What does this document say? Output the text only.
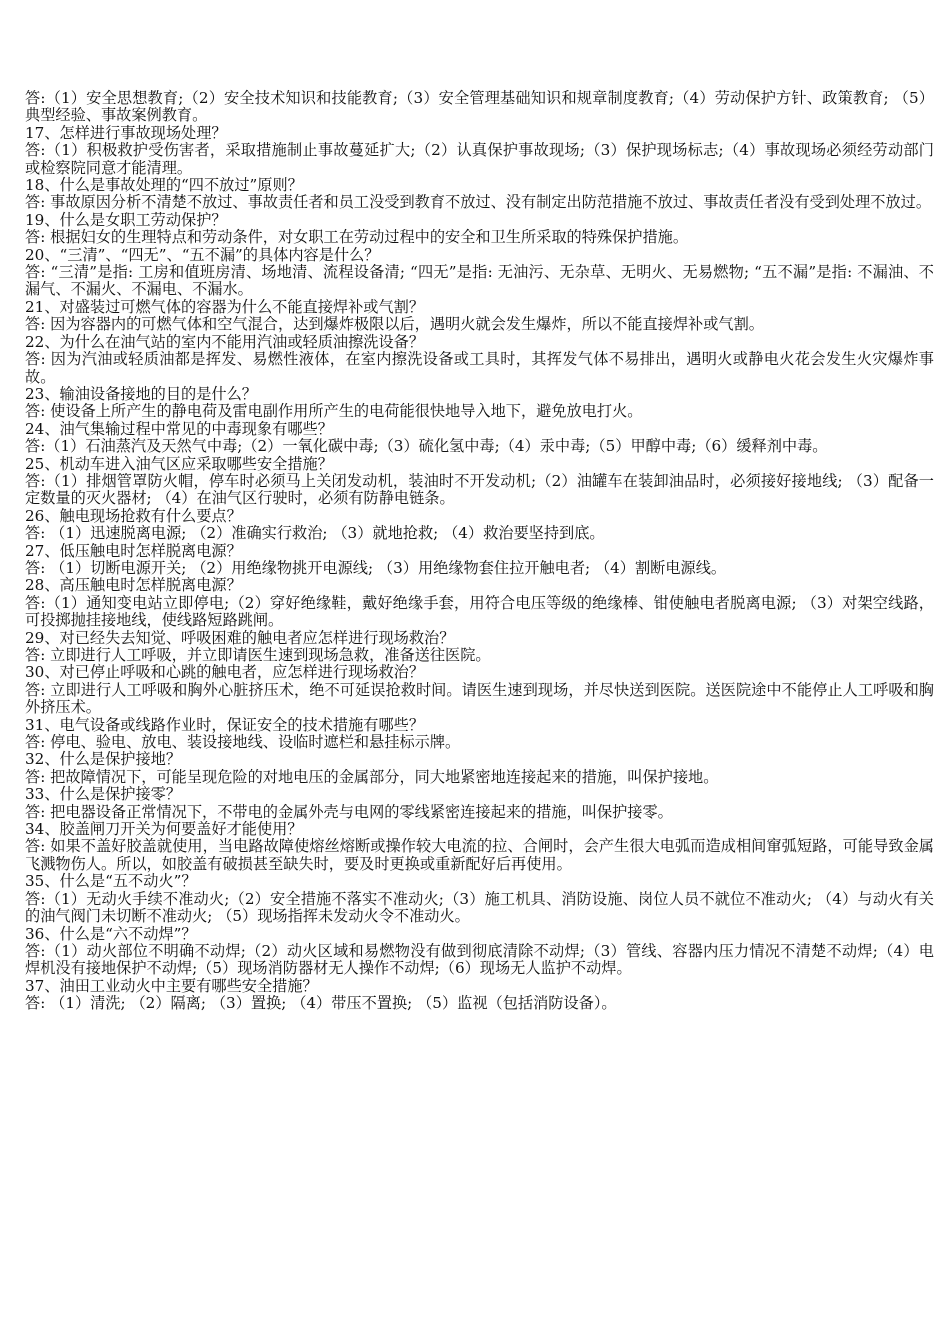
答:（1）安全思想教育;（2）安全技术知识和技能教育;（3）安全管理基础知识和规章制度教育;（4）劳动保护方针、政策教育; （5）典型经验、事故案例教育。

17、怎样进行事故现场处理？

答:（1）积极救护受伤害者，采取措施制止事故蔓延扩大;（2）认真保护事故现场;（3）保护现场标志;（4）事故现场必须经劳动部门或检察院同意才能清理。

18、什么是事故处理的“四不放过”原则？

答: 事故原因分析不清楚不放过、事故责任者和员工没受到教育不放过、没有制定出防范措施不放过、事故责任者没有受到处理不放过。

19、什么是女职工劳动保护？

答: 根据妇女的生理特点和劳动条件，对女职工在劳动过程中的安全和卫生所采取的特殊保护措施。

20、“三清”、“四无”、“五不漏”的具体内容是什么？

答: “三清”是指: 工房和值班房清、场地清、流程设备清; “四无”是指: 无油污、无杂草、无明火、无易燃物; “五不漏”是指: 不漏油、不漏气、不漏火、不漏电、不漏水。

21、对盛装过可燃气体的容器为什么不能直接焊补或气割？

答: 因为容器内的可燃气体和空气混合，达到爆炸极限以后，遇明火就会发生爆炸，所以不能直接焊补或气割。

22、为什么在油气站的室内不能用汽油或轻质油擦洗设备？

答: 因为汽油或轻质油都是挥发、易燃性液体，在室内擦洗设备或工具时，其挥发气体不易排出，遇明火或静电火花会发生火灾爆炸事故。

23、输油设备接地的目的是什么？

答: 使设备上所产生的静电荷及雷电副作用所产生的电荷能很快地导入地下，避免放电打火。

24、油气集输过程中常见的中毒现象有哪些？

答:（1）石油蒸汽及天然气中毒;（2）一氧化碳中毒;（3）硫化氢中毒;（4）汞中毒;（5）甲醇中毒;（6）缓释剂中毒。

25、机动车进入油气区应采取哪些安全措施？

答:（1）排烟管罩防火帽，停车时必须马上关闭发动机，装油时不开发动机;（2）油罐车在装卸油品时，必须接好接地线; （3）配备一定数量的灭火器材; （4）在油气区行驶时，必须有防静电链条。

26、触电现场抢救有什么要点？

答: （1）迅速脱离电源; （2）准确实行救治; （3）就地抢救; （4）救治要坚持到底。

27、低压触电时怎样脱离电源？

答: （1）切断电源开关; （2）用绝缘物挑开电源线; （3）用绝缘物套住拉开触电者; （4）割断电源线。

28、高压触电时怎样脱离电源？

答:（1）通知变电站立即停电;（2）穿好绝缘鞋，戴好绝缘手套，用符合电压等级的绝缘棒、钳使触电者脱离电源; （3）对架空线路，可投掷抛挂接地线，使线路短路跳闸。

29、对已经失去知觉、呼吸困难的触电者应怎样进行现场救治？

答: 立即进行人工呼吸，并立即请医生速到现场急救，准备送往医院。

30、对已停止呼吸和心跳的触电者，应怎样进行现场救治？

答: 立即进行人工呼吸和胸外心脏挤压术，绝不可延误抢救时间。请医生速到现场，并尽快送到医院。送医院途中不能停止人工呼吸和胸外挤压术。

31、电气设备或线路作业时，保证安全的技术措施有哪些？

答: 停电、验电、放电、装设接地线、设临时遮栏和悬挂标示牌。

32、什么是保护接地？

答: 把故障情况下，可能呈现危险的对地电压的金属部分，同大地紧密地连接起来的措施，叫保护接地。

33、什么是保护接零？

答: 把电器设备正常情况下，不带电的金属外壳与电网的零线紧密连接起来的措施，叫保护接零。

34、胶盖闸刀开关为何要盖好才能使用？

答: 如果不盖好胶盖就使用，当电路故障使熔丝熔断或操作较大电流的拉、合闸时，会产生很大电弧而造成相间窜弧短路，可能导致金属飞溅物伤人。所以，如胶盖有破损甚至缺失时，要及时更换或重新配好后再使用。

35、什么是“五不动火”？

答:（1）无动火手续不准动火;（2）安全措施不落实不准动火;（3）施工机具、消防设施、岗位人员不就位不准动火; （4）与动火有关的油气阀门未切断不准动火; （5）现场指挥未发动火令不准动火。

36、什么是“六不动焊”？

答:（1）动火部位不明确不动焊;（2）动火区域和易燃物没有做到彻底清除不动焊;（3）管线、容器内压力情况不清楚不动焊;（4）电焊机没有接地保护不动焊;（5）现场消防器材无人操作不动焊;（6）现场无人监护不动焊。

37、油田工业动火中主要有哪些安全措施？

答: （1）清洗; （2）隔离; （3）置换; （4）带压不置换; （5）监视（包括消防设备）。
